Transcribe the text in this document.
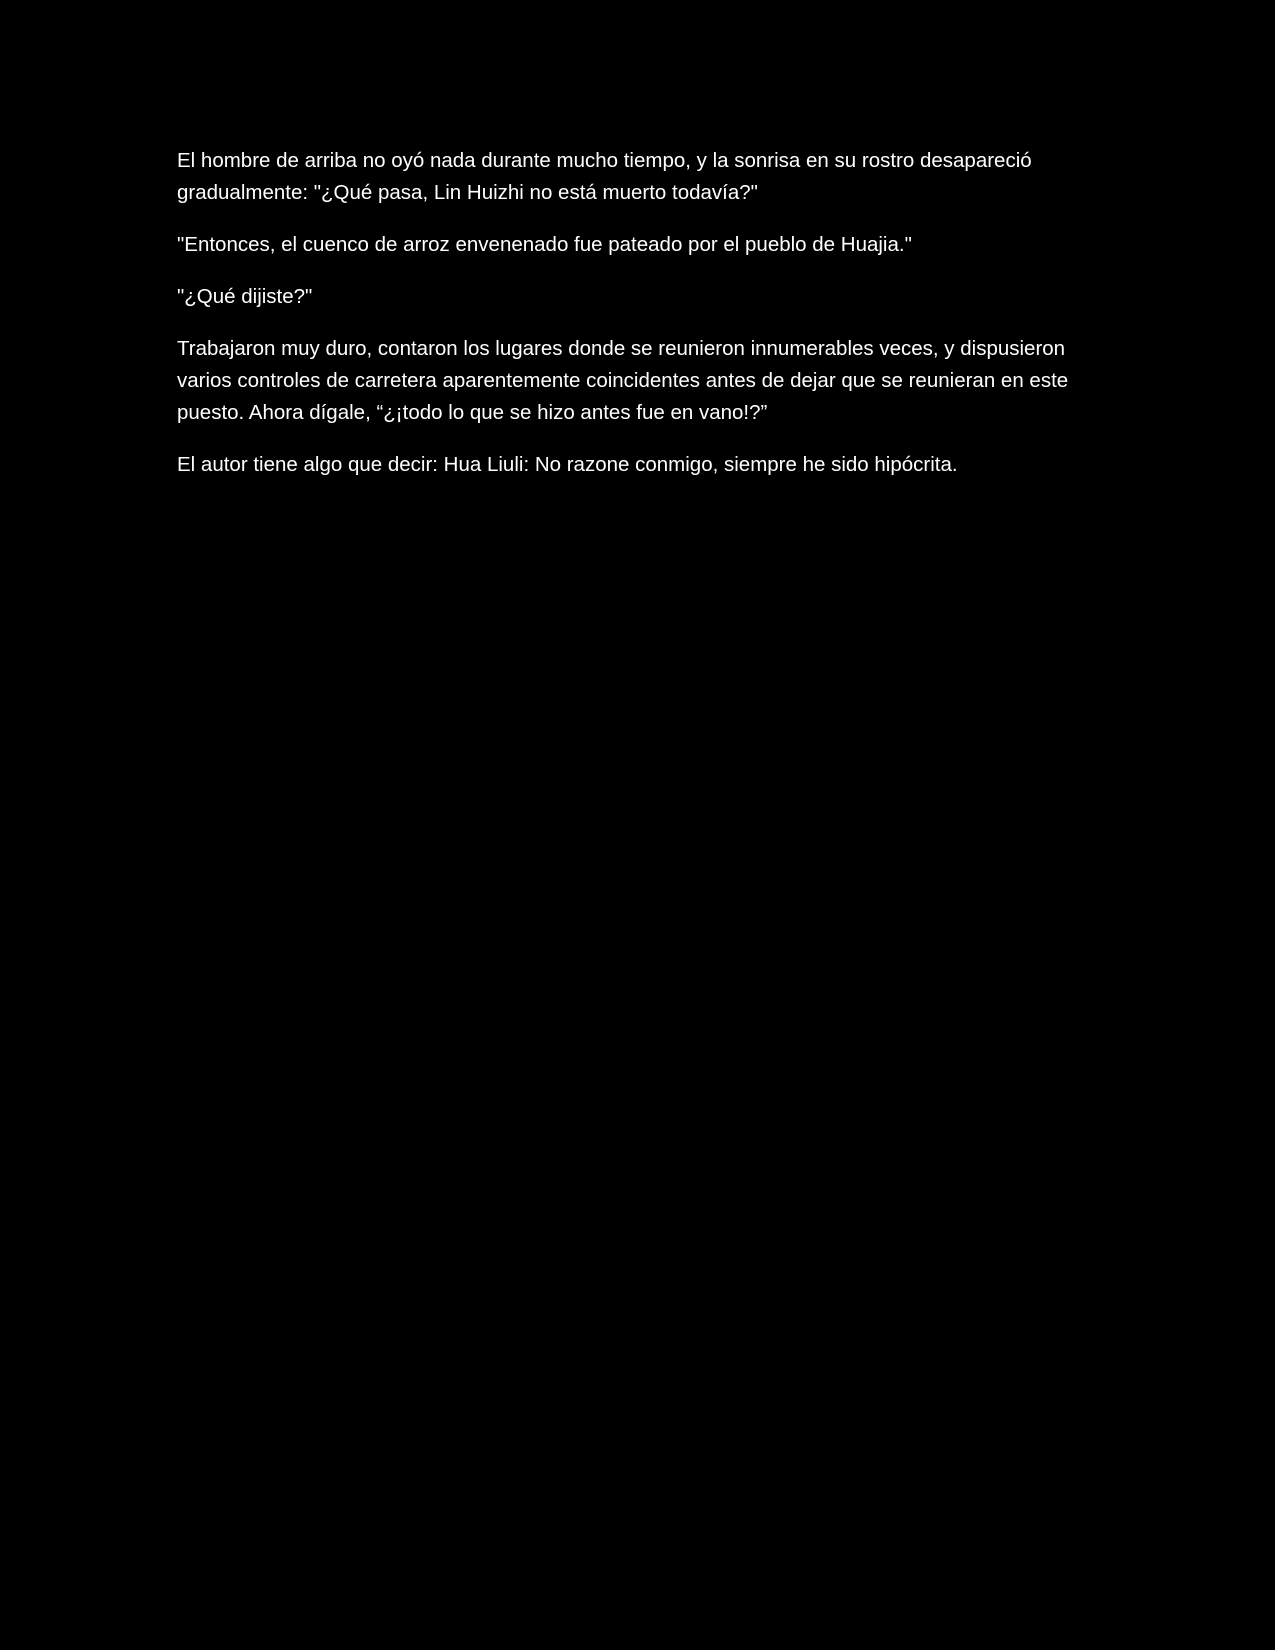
El hombre de arriba no oyó nada durante mucho tiempo, y la sonrisa en su rostro desapareció gradualmente: "¿Qué pasa, Lin Huizhi no está muerto todavía?"

"Entonces, el cuenco de arroz envenenado fue pateado por el pueblo de Huajia."

"¿Qué dijiste?"

Trabajaron muy duro, contaron los lugares donde se reunieron innumerables veces, y dispusieron varios controles de carretera aparentemente coincidentes antes de dejar que se reunieran en este puesto. Ahora dígale, “¿¡todo lo que se hizo antes fue en vano!?”

El autor tiene algo que decir: Hua Liuli: No razone conmigo, siempre he sido hipócrita.
